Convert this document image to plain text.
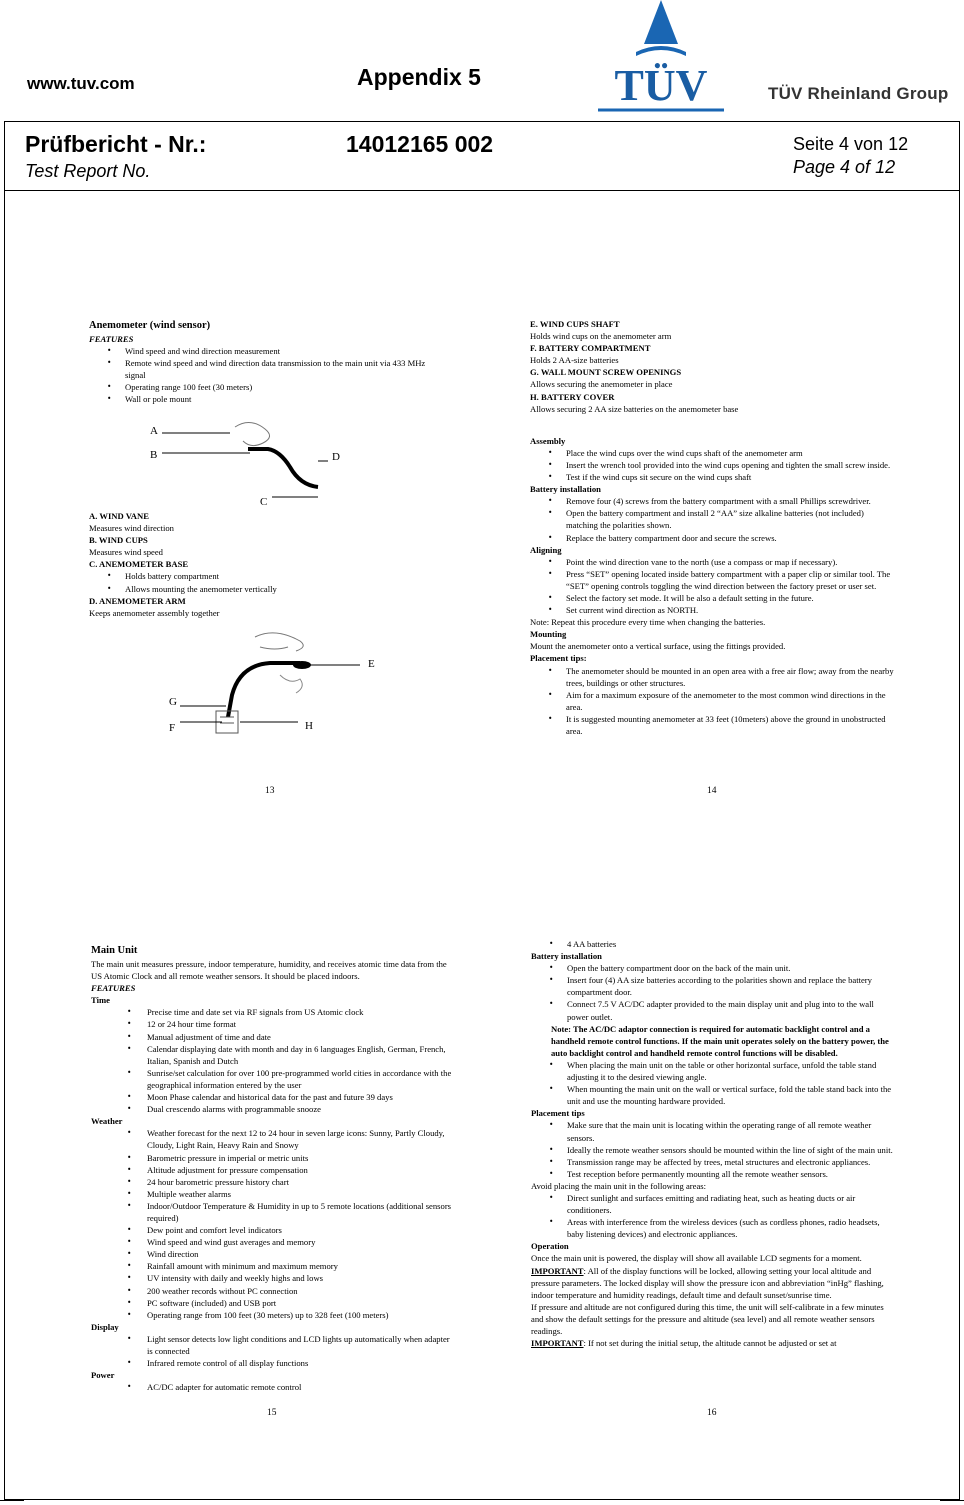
www.tuv.com	Appendix 5	TÜV	TÜV Rheinland Group
Prüfbericht - Nr.:
Test Report No.
14012165 002	Seite 4 von 12
Page 4 of 12

Anemometer (wind sensor)

FEATURES

• Wind speed and wind direction measurement
• Remote wind speed and wind direction data transmission to the main unit via 433 MHz signal
• Operating range 100 feet (30 meters)
• Wall or pole mount
A
B
C
D

A. WIND VANE

Measures wind direction

B. WIND CUPS

Measures wind speed

C. ANEMOMETER BASE

• Holds battery compartment
• Allows mounting the anemometer vertically

D. ANEMOMETER ARM

Keeps anemometer assembly together

E
G
F	H
13

E. WIND CUPS SHAFT

Holds wind cups on the anemometer arm

F. BATTERY COMPARTMENT

Holds 2 AA-size batteries

G. WALL MOUNT SCREW OPENINGS

Allows securing the anemometer in place

H. BATTERY COVER

Allows securing 2 AA size batteries on the anemometer base

Assembly

• Place the wind cups over the wind cups shaft of the anemometer arm
• Insert the wrench tool provided into the wind cups opening and tighten the small screw inside.
• Test if the wind cups sit secure on the wind cups shaft

Battery installation

• Remove four (4) screws from the battery compartment with a small Phillips screwdriver.
• Open the battery compartment and install 2 “AA” size alkaline batteries (not included) matching the polarities shown.
• Replace the battery compartment door and secure the screws.

Aligning

• Point the wind direction vane to the north (use a compass or map if necessary).
• Press “SET” opening located inside battery compartment with a paper clip or similar tool. The “SET” opening controls toggling the wind direction between the factory preset or user set.
• Select the factory set mode. It will be also a default setting in the future.
• Set current wind direction as NORTH.

Note: Repeat this procedure every time when changing the batteries.

Mounting

Mount the anemometer onto a vertical surface, using the fittings provided.

Placement tips:

• The anemometer should be mounted in an open area with a free air flow; away from the nearby trees, buildings or other structures.
• Aim for a maximum exposure of the anemometer to the most common wind directions in the area.
• It is suggested mounting anemometer at 33 feet (10meters) above the ground in unobstructed area.
14

Main Unit

The main unit measures pressure, indoor temperature, humidity, and receives atomic time data from the US Atomic Clock and all remote weather sensors. It should be placed indoors.

FEATURES

Time

• Precise time and date set via RF signals from US Atomic clock
• 12 or 24 hour time format
• Manual adjustment of time and date
• Calendar displaying date with month and day in 6 languages English, German, French, Italian, Spanish and Dutch
• Sunrise/set calculation for over 100 pre-programmed world cities in accordance with the geographical information entered by the user
• Moon Phase calendar and historical data for the past and future 39 days
• Dual crescendo alarms with programmable snooze

Weather

• Weather forecast for the next 12 to 24 hour in seven large icons: Sunny, Partly Cloudy, Cloudy, Light Rain, Heavy Rain and Snowy
• Barometric pressure in imperial or metric units
• Altitude adjustment for pressure compensation
• 24 hour barometric pressure history chart
• Multiple weather alarms
• Indoor/Outdoor Temperature & Humidity in up to 5 remote locations (additional sensors required)
• Dew point and comfort level indicators
• Wind speed and wind gust averages and memory
• Wind direction
• Rainfall amount with minimum and maximum memory
• UV intensity with daily and weekly highs and lows
• 200 weather records without PC connection
• PC software (included) and USB port
• Operating range from 100 feet (30 meters) up to 328 feet (100 meters)

Display

• Light sensor detects low light conditions and LCD lights up automatically when adapter is connected
• Infrared remote control of all display functions

Power

• AC/DC adapter for automatic remote control
15
• 4 AA batteries

Battery installation

• Open the battery compartment door on the back of the main unit.
• Insert four (4) AA size batteries according to the polarities shown and replace the battery compartment door.
• Connect 7.5 V AC/DC adapter provided to the main display unit and plug into to the wall power outlet.

Note: The AC/DC adaptor connection is required for automatic backlight control and a handheld remote control functions. If the main unit operates solely on the battery power, the auto backlight control and handheld remote control functions will be disabled.

• When placing the main unit on the table or other horizontal surface, unfold the table stand adjusting it to the desired viewing angle.
• When mounting the main unit on the wall or vertical surface, fold the table stand back into the unit and use the mounting hardware provided.

Placement tips

• Make sure that the main unit is locating within the operating range of all remote weather sensors.
• Ideally the remote weather sensors should be mounted within the line of sight of the main unit.
• Transmission range may be affected by trees, metal structures and electronic appliances.
• Test reception before permanently mounting all the remote weather sensors.

Avoid placing the main unit in the following areas:

• Direct sunlight and surfaces emitting and radiating heat, such as heating ducts or air conditioners.
• Areas with interference from the wireless devices (such as cordless phones, radio headsets, baby listening devices) and electronic appliances.

Operation

Once the main unit is powered, the display will show all available LCD segments for a moment.

IMPORTANT: All of the display functions will be locked, allowing setting your local altitude and pressure parameters. The locked display will show the pressure icon and abbreviation “inHg” flashing, indoor temperature and humidity readings, default time and default sunset/sunrise time.

If pressure and altitude are not configured during this time, the unit will self-calibrate in a few minutes and show the default settings for the pressure and altitude (sea level) and all remote weather sensors readings.

IMPORTANT: If not set during the initial setup, the altitude cannot be adjusted or set at

16
